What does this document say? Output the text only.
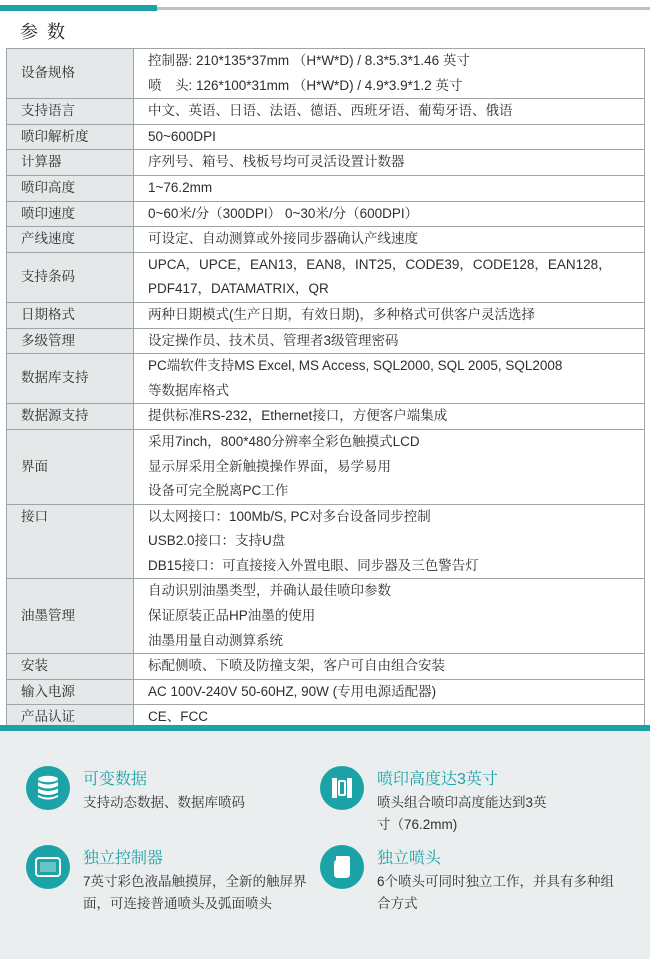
参 数
设备规格	控制器: 210*135*37mm （H*W*D) / 8.3*5.3*1.46 英寸
喷　头: 126*100*31mm （H*W*D) / 4.9*3.9*1.2 英寸

支持语言	中文、英语、日语、法语、德语、西班牙语、葡萄牙语、俄语

喷印解析度	50~600DPI

计算器	序列号、箱号、栈板号均可灵活设置计数器

喷印高度	1~76.2mm

喷印速度	0~60米/分（300DPI） 0~30米/分（600DPI）

产线速度	可设定、自动测算或外接同步器确认产线速度

支持条码	UPCA，UPCE，EAN13，EAN8，INT25，CODE39，CODE128，EAN128，
PDF417，DATAMATRIX，QR

日期格式	两种日期模式(生产日期，有效日期)，多种格式可供客户灵活选择

多级管理	设定操作员、技术员、管理者3级管理密码

数据库支持	PC端软件支持MS Excel, MS Access, SQL2000, SQL 2005, SQL2008
等数据库格式

数据源支持	提供标准RS-232，Ethernet接口，方便客户端集成

界面	采用7inch，800*480分辨率全彩色触摸式LCD
显示屏采用全新触摸操作界面，易学易用
设备可完全脱离PC工作

接口	以太网接口：100Mb/S, PC对多台设备同步控制
USB2.0接口：支持U盘
DB15接口：可直接接入外置电眼、同步器及三色警告灯

油墨管理	自动识别油墨类型，并确认最佳喷印参数
保证原装正品HP油墨的使用
油墨用量自动测算系统

安装	标配侧喷、下喷及防撞支架，客户可自由组合安装

输入电源	AC 100V-240V 50-60HZ, 90W (专用电源适配器)

产品认证	CE、FCC
可变数据
支持动态数据、数据库喷码
喷印高度达3英寸
喷头组合喷印高度能达到3英寸（76.2mm)
独立控制器
7英寸彩色液晶触摸屏，全新的触屏界面，可连接普通喷头及弧面喷头
独立喷头
6个喷头可同时独立工作，并具有多种组合方式
